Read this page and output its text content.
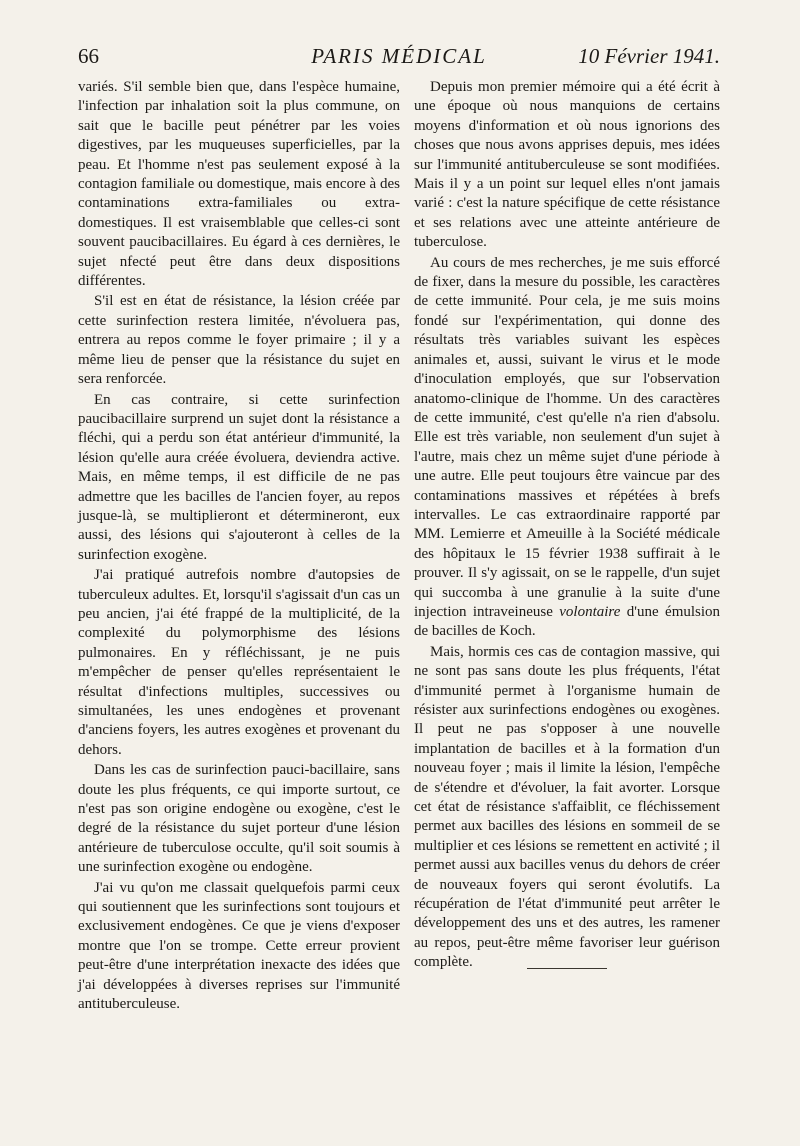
66	PARIS MÉDICAL	10 Février 1941.

variés. S'il semble bien que, dans l'espèce humaine, l'infection par inhalation soit la plus commune, on sait que le bacille peut pénétrer par les voies digestives, par les muqueuses superficielles, par la peau. Et l'homme n'est pas seulement exposé à la contagion familiale ou domestique, mais encore à des contaminations extra-familiales ou extra-domestiques. Il est vraisemblable que celles-ci sont souvent paucibacillaires. Eu égard à ces dernières, le sujet nfecté peut être dans deux dispositions différentes.

S'il est en état de résistance, la lésion créée par cette surinfection restera limitée, n'évoluera pas, entrera au repos comme le foyer primaire ; il y a même lieu de penser que la résistance du sujet en sera renforcée.

En cas contraire, si cette surinfection paucibacillaire surprend un sujet dont la résistance a fléchi, qui a perdu son état antérieur d'immunité, la lésion qu'elle aura créée évoluera, deviendra active. Mais, en même temps, il est difficile de ne pas admettre que les bacilles de l'ancien foyer, au repos jusque-là, se multiplieront et détermineront, eux aussi, des lésions qui s'ajouteront à celles de la surinfection exogène.

J'ai pratiqué autrefois nombre d'autopsies de tuberculeux adultes. Et, lorsqu'il s'agissait d'un cas un peu ancien, j'ai été frappé de la multiplicité, de la complexité du polymorphisme des lésions pulmonaires. En y réfléchissant, je ne puis m'empêcher de penser qu'elles représentaient le résultat d'infections multiples, successives ou simultanées, les unes endogènes et provenant d'anciens foyers, les autres exogènes et provenant du dehors.

Dans les cas de surinfection pauci-bacillaire, sans doute les plus fréquents, ce qui importe surtout, ce n'est pas son origine endogène ou exogène, c'est le degré de la résistance du sujet porteur d'une lésion antérieure de tuberculose occulte, qu'il soit soumis à une surinfection exogène ou endogène.

J'ai vu qu'on me classait quelquefois parmi ceux qui soutiennent que les surinfections sont toujours et exclusivement endogènes. Ce que je viens d'exposer montre que l'on se trompe. Cette erreur provient peut-être d'une interprétation inexacte des idées que j'ai développées à diverses reprises sur l'immunité antituberculeuse.

Depuis mon premier mémoire qui a été écrit à une époque où nous manquions de certains moyens d'information et où nous ignorions des choses que nous avons apprises depuis, mes idées sur l'immunité antituberculeuse se sont modifiées. Mais il y a un point sur lequel elles n'ont jamais varié : c'est la nature spécifique de cette résistance et ses relations avec une atteinte antérieure de tuberculose.

Au cours de mes recherches, je me suis efforcé de fixer, dans la mesure du possible, les caractères de cette immunité. Pour cela, je me suis moins fondé sur l'expérimentation, qui donne des résultats très variables suivant les espèces animales et, aussi, suivant le virus et le mode d'inoculation employés, que sur l'observation anatomo-clinique de l'homme. Un des caractères de cette immunité, c'est qu'elle n'a rien d'absolu. Elle est très variable, non seulement d'un sujet à l'autre, mais chez un même sujet d'une période à une autre. Elle peut toujours être vaincue par des contaminations massives et répétées à brefs intervalles. Le cas extraordinaire rapporté par MM. Lemierre et Ameuille à la Société médicale des hôpitaux le 15 février 1938 suffirait à le prouver. Il s'y agissait, on se le rappelle, d'un sujet qui succomba à une granulie à la suite d'une injection intraveineuse volontaire d'une émulsion de bacilles de Koch.

Mais, hormis ces cas de contagion massive, qui ne sont pas sans doute les plus fréquents, l'état d'immunité permet à l'organisme humain de résister aux surinfections endogènes ou exogènes. Il peut ne pas s'opposer à une nouvelle implantation de bacilles et à la formation d'un nouveau foyer ; mais il limite la lésion, l'empêche de s'étendre et d'évoluer, la fait avorter. Lorsque cet état de résistance s'affaiblit, ce fléchissement permet aux bacilles des lésions en sommeil de se multiplier et ces lésions se remettent en activité ; il permet aussi aux bacilles venus du dehors de créer de nouveaux foyers qui seront évolutifs. La récupération de l'état d'immunité peut arrêter le développement des uns et des autres, les ramener au repos, peut-être même favoriser leur guérison complète.
